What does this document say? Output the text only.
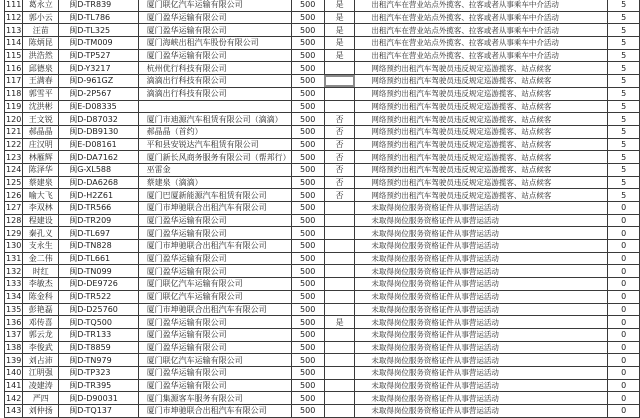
111	葛永立	闽D-TR839	厦门联亿汽车运输有限公司	500	是	出租汽车在营业站点外揽客、拉客或者从事乘车中介活动	5
112	郭小云	闽D-TL786	厦门盈华运输有限公司	500	是	出租汽车在营业站点外揽客、拉客或者从事乘车中介活动	5
113	汪苗	闽D-TL325	厦门盈华运输有限公司	500	是	出租汽车在营业站点外揽客、拉客或者从事乘车中介活动	5
114	陈炳昆	闽D-TM009	厦门海峡出租汽车股份有限公司	500	是	出租汽车在营业站点外揽客、拉客或者从事乘车中介活动	5
115	洪浩然	闽D-TP527	厦门盈华运输有限公司	500	是	出租汽车在营业站点外揽客、拉客或者从事乘车中介活动	5
116	邱德泉	闽D-Y3217	杭州优行科技有限公司	500		网络预约出租汽车驾驶员违反规定巡游揽客、站点候客	5
117	王满春	闽D-961GZ	滴滴出行科技有限公司	500		网络预约出租汽车驾驶员违反规定巡游揽客、站点候客	5
118	郭雪平	闽D-2P567	滴滴出行科技有限公司	500		网络预约出租汽车驾驶员违反规定巡游揽客、站点候客	5
119	沈洪彬	闽E-D08335		500		网络预约出租汽车驾驶员违反规定巡游揽客、站点候客	5
120	王文锐	闽D-D87032	厦门市迪源汽车租赁有限公司（滴滴）	500	否	网络预约出租汽车驾驶员违反规定巡游揽客、站点候客	5
121	郝晶晶	闽D-DB9130	郝晶晶（首约）	500	否	网络预约出租汽车驾驶员违反规定巡游揽客、站点候客	5
122	庄汉明	闽E-D08161	平和县安锐达汽车租赁有限公司	500	否	网络预约出租汽车驾驶员违反规定巡游揽客、站点候客	5
123	林雁辉	闽D-DA7162	厦门新长风商务服务有限公司（帮邦行）	500	否	网络预约出租汽车驾驶员违反规定巡游揽客、站点候客	5
124	陈泽华	闽G-XL588	巫雷金	500	否	网络预约出租汽车驾驶员违反规定巡游揽客、站点候客	5
125	蔡建泉	闽D-DA6268	蔡建泉（滴滴）	500	否	网络预约出租汽车驾驶员违反规定巡游揽客、站点候客	5
126	喻大飞	闽D-H2Z61	厦门巴厦新能源汽车租赁有限公司	500	否	网络预约出租汽车驾驶员违反规定巡游揽客、站点候客	5
127	李双林	闽D-TR566	厦门市坤驰联合出租汽车有限公司	500		未取得岗位服务资格证件从事营运活动	0
128	程建设	闽D-TR209	厦门盈华运输有限公司	500		未取得岗位服务资格证件从事营运活动	0
129	秦孔义	闽D-TL697	厦门盈华运输有限公司	500		未取得岗位服务资格证件从事营运活动	0
130	支永生	闽D-TN828	厦门市坤驰联合出租汽车有限公司	500		未取得岗位服务资格证件从事营运活动	0
131	金二伟	闽D-TL661	厦门盈华运输有限公司	500		未取得岗位服务资格证件从事营运活动	0
132	时红	闽D-TN099	厦门盈华运输有限公司	500		未取得岗位服务资格证件从事营运活动	0
133	李敏杰	闽D-DE9726	厦门联亿汽车运输有限公司	500		未取得岗位服务资格证件从事营运活动	0
134	陈金科	闽D-TR522	厦门联亿汽车运输有限公司	500		未取得岗位服务资格证件从事营运活动	0
135	彭艳磊	闽D-D25760	厦门市坤驰联合出租汽车有限公司	500		未取得岗位服务资格证件从事营运活动	0
136	邓传喜	闽D-TQ500	厦门盈华运输有限公司	500	是	未取得岗位服务资格证件从事营运活动	0
137	郭云龙	闽D-TR133	厦门盈华运输有限公司	500		未取得岗位服务资格证件从事营运活动	0
138	李俊武	闽D-T8859	厦门盈华运输有限公司	500		未取得岗位服务资格证件从事营运活动	0
139	刘占沛	闽D-TN979	厦门联亿汽车运输有限公司	500		未取得岗位服务资格证件从事营运活动	0
140	江明强	闽D-TP323	厦门盈华运输有限公司	500		未取得岗位服务资格证件从事营运活动	0
141	凌建涛	闽D-TR395	厦门盈华运输有限公司	500		未取得岗位服务资格证件从事营运活动	0
142	严四	闽D-D90031	厦门集源客车服务有限公司	500		未取得岗位服务资格证件从事营运活动	0
143	刘仲扬	闽D-TQ137	厦门市坤驰联合出租汽车有限公司	500		未取得岗位服务资格证件从事营运活动	0
